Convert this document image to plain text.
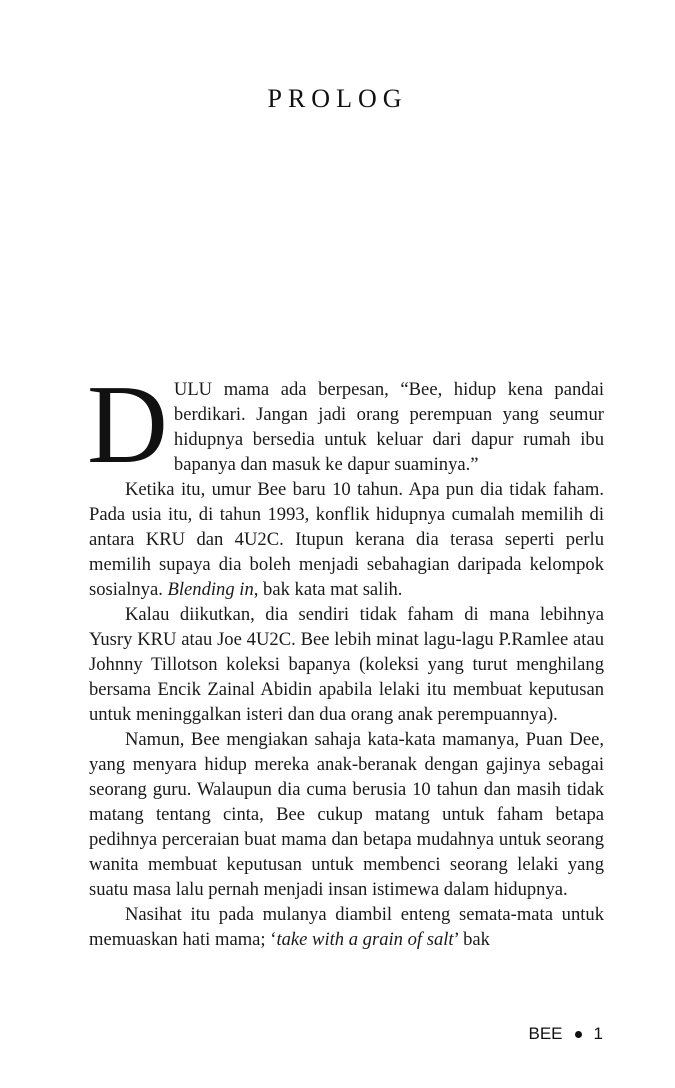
PROLOG

DULU mama ada berpesan, “Bee, hidup kena pandai berdikari. Jangan jadi orang perempuan yang seumur hidupnya bersedia untuk keluar dari dapur rumah ibu bapanya dan masuk ke dapur suaminya.”

Ketika itu, umur Bee baru 10 tahun. Apa pun dia tidak faham. Pada usia itu, di tahun 1993, konflik hidupnya cumalah memilih di antara KRU dan 4U2C. Itupun kerana dia terasa seperti perlu memilih supaya dia boleh menjadi sebahagian daripada kelompok sosialnya. Blending in, bak kata mat salih.

Kalau diikutkan, dia sendiri tidak faham di mana lebihnya Yusry KRU atau Joe 4U2C. Bee lebih minat lagu-lagu P.Ramlee atau Johnny Tillotson koleksi bapanya (koleksi yang turut menghilang bersama Encik Zainal Abidin apabila lelaki itu membuat keputusan untuk meninggalkan isteri dan dua orang anak perempuannya).

Namun, Bee mengiakan sahaja kata-kata mamanya, Puan Dee, yang menyara hidup mereka anak-beranak dengan gajinya sebagai seorang guru. Walaupun dia cuma berusia 10 tahun dan masih tidak matang tentang cinta, Bee cukup matang untuk faham betapa pedihnya perceraian buat mama dan betapa mudahnya untuk seorang wanita membuat keputusan untuk membenci seorang lelaki yang suatu masa lalu pernah menjadi insan istimewa dalam hidupnya.

Nasihat itu pada mulanya diambil enteng semata-mata untuk memuaskan hati mama; ‘take with a grain of salt’ bak

BEE 1
